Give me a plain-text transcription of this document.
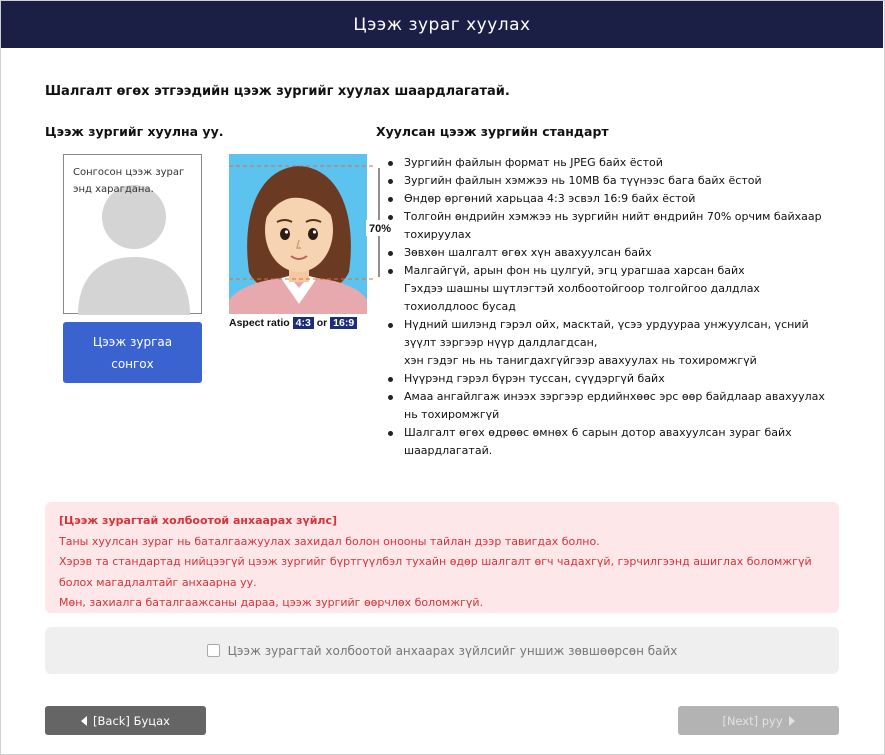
Цээж зураг хуулах
Шалгалт өгөх этгээдийн цээж зургийг хуулах шаардлагатай.
Цээж зургийг хуулна уу.	Хуулсан цээж зургийн стандарт
Сонгосон цээж зураг энд харагдана.
Цээж зургаа сонгох
70%
Aspect ratio 4:3 or 16:9
Зургийн файлын формат нь JPEG байх ёстой
Зургийн файлын хэмжээ нь 10MB ба түүнээс бага байх ёстой
Өндөр өргөний харьцаа 4:3 эсвэл 16:9 байх ёстой
Толгойн өндрийн хэмжээ нь зургийн нийт өндрийн 70% орчим байхаар тохируулах
Зөвхөн шалгалт өгөх хүн авахуулсан байх
Малгайгүй, арын фон нь цулгуй, эгц урагшаа харсан байх
Гэхдээ шашны шүтлэгтэй холбоотойгоор толгойгоо далдлах тохиолдлоос бусад
Нүдний шилэнд гэрэл ойх, масктай, үсээ урдуураа унжуулсан, үсний зүүлт зэргээр нүүр далдлагдсан,
хэн гэдэг нь нь танигдахгүйгээр авахуулах нь тохиромжгүй
Нүүрэнд гэрэл бүрэн туссан, сүүдэргүй байх
Амаа ангайлгаж инээх зэргээр ердийнхөөс эрс өөр байдлаар авахуулах нь тохиромжгүй
Шалгалт өгөх өдрөөс өмнөх 6 сарын дотор авахуулсан зураг байх шаардлагатай.
[Цээж зурагтай холбоотой анхаарах зүйлс]
Таны хуулсан зураг нь баталгаажуулах захидал болон онооны тайлан дээр тавигдах болно.
Хэрэв та стандартад нийцээгүй цээж зургийг бүртгүүлбэл тухайн өдөр шалгалт өгч чадахгүй, гэрчилгээнд ашиглах боломжгүй болох магадлалтайг анхаарна уу.
Мөн, захиалга баталгаажсаны дараа, цээж зургийг өөрчлөх боломжгүй.
Цээж зурагтай холбоотой анхаарах зүйлсийг уншиж зөвшөөрсөн байх
[Back] Буцах	[Next] руу
